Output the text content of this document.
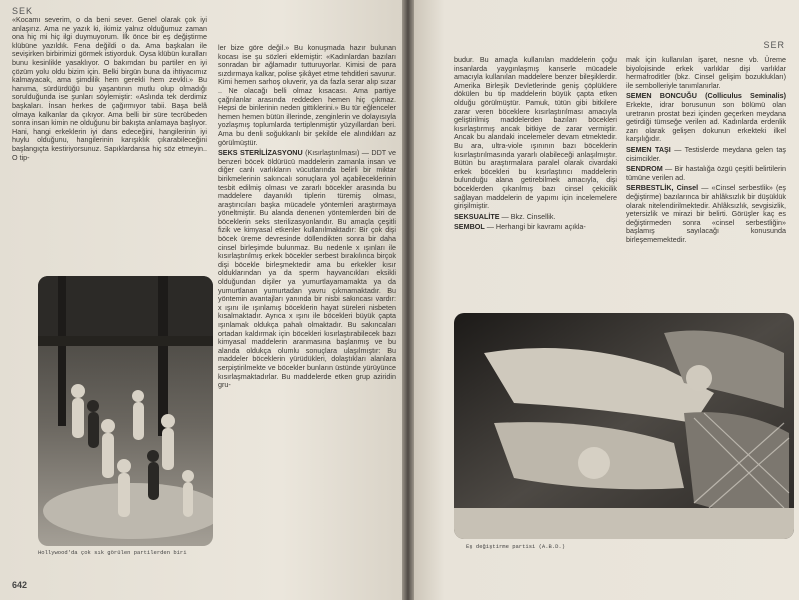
SEK

«Kocamı severim, o da beni sever. Genel olarak çok iyi anlaşırız. Ama ne yazık ki, ikimiz yalnız olduğumuz zaman ona hiç mi hiç ilgi duymuyorum. İlk önce bir eş değiştirme klübüne yazıldık. Fena değildi o da. Ama başkaları ile sevişirken birbirimizi görmek istiyorduk. Oysa klübün kuralları bunu kesinlikle yasaklıyor. O bakımdan bu partiler en iyi çözüm yolu oldu bizim için. Belki birgün buna da ihtiyacımız kalmayacak, ama şimdilik hem gerekli hem zevkli.» Bu hanıma, sürdürdüğü bu yaşantının mutlu olup olmadığı sorulduğunda ise şunları söylemiştir: «Aslında tek derdimiz başkaları. İnsan herkes de çağırmıyor tabii. Başa belâ olmaya kalkanlar da çıkıyor. Ama belli bir süre tecrübeden sonra insan kimin ne olduğunu bir bakışta anlamaya başlıyor. Hani, hangi erkeklerin iyi dans edeceğini, hangilerinin iyi huylu olduğunu, hangilerinin karışıklık çıkarabileceğini başlangıçta kestiriyorsunuz. Sapıklardansa hiç söz etmeyin.. O tip-

Hollywood'da çok sık görülen partilerden biri

ler bize göre değil.» Bu konuşmada hazır bulunan kocası ise şu sözleri eklemiştir: «Kadınlardan bazıları sonradan bir ağlamadır tutturuyorlar. Kimisi de para sızdırmaya kalkar, polise şikâyet etme tehditleri savurur. Kimi hemen sarhoş oluverir, ya da fazla serar alıp sızar .. Ne olacağı belli olmaz kısacası. Ama partiye çağrılanlar arasında reddeden hemen hiç çıkmaz. Hepsi de birilerinin neden gittiklerini.» Bu tür eğlenceler hemen hemen bütün illerinde, zenginlerin ve dolayısıyla yozlaşmış toplumlarda tertiplenmiştir yüzyıllardan beri. Ama bu denli soğukkanlı bir şekilde ele alındıkları az görülmüştür.

SEKS STERİLİZASYONU (Kısırlaştırılması) — DDT ve benzeri böcek öldürücü maddelerin zamanla insan ve diğer canlı varlıkların vücutlarında belirli bir miktar birikmelerinin sakıncalı sonuçlara yol açabileceklerinin tesbit edilmiş olması ve zararlı böcekler arasında bu maddelere dayanıklı tiplerin türemiş olması, araştırıcıları başka mücadele yöntemleri araştırmaya yöneltmiştir. Bu alanda denenen yöntemlerden biri de böceklerin seks sterilizasyonlarıdır. Bu amaçla çeşitli fizik ve kimyasal etkenler kullanılmaktadır: Bir çok dişi böcek üreme devresinde döllendikten sonra bir daha cinsel birleşimde bulunmaz. Bu nedenle x ışınları ile kısırlaştırılmış erkek böcekler serbest bırakılınca birçok dişi böcekle birleşmektedir ama bu erkekler kısır olduklarından ya da sperm hayvancıkları eksikli olduğundan dişiler ya yumurtlayamamakta ya da yumurtlanan yumurtadan yavru çıkmamaktadır. Bu yöntemin avantajları yanında bir nisbi sakıncası vardır: x ışını ile ışınlamış böceklerin hayat süreleri nisbeten kısalmaktadır. Ayrıca x ışını ile böcekleri büyük çapta ışınlamak oldukça pahalı olmaktadır. Bu sakıncaları ortadan kaldırmak için böcekleri kısırlaştırabilecek bazı kimyasal maddelerin aranmasına başlanmış ve bu alanda oldukça olumlu sonuçlara ulaşılmıştır: Bu maddeler böceklerin yürüdükleri, dolaştıkları alanlara serpiştirilmekte ve böcekler bunların üstünde yürüyünce kısırlaşmaktadırlar. Bu maddelerde etken grup aziridin gru-

642
SER

budur. Bu amaçla kullanılan maddelerin çoğu insanlarda yaygınlaşmış kanserle mücadele amacıyla kullanılan maddelere benzer bileşiklerdir. Amerika Birleşik Devletlerinde geniş çöplüklere dökülen bu tip maddelerin büyük çapta etken olduğu görülmüştür. Pamuk, tütün gibi bitkilere zarar veren böceklere kısırlaştırılması amacıyla geliştirilmiş maddelerden bazıları böcekleri kısırlaştırmış ancak bitkiye de zarar vermiştir. Ancak bu alandaki incelemeler devam etmektedir. Bu ara, ultra-viole ışınının bazı böceklerin kısırlaştırılmasında yararlı olabileceği anlaşılmıştır. Bütün bu araştırmalara paralel olarak civardaki erkek böcekleri bu kısırlaştırıcı maddelerin bulunduğu alana getirebilmek amacıyla, dişi böceklerden çıkarılmış bazı cinsel çekicilik sağlayan maddelerin de yapımı için incelemelere girişilmiştir.

SEKSUALİTE — Bkz. Cinsellik.

SEMBOL — Herhangi bir kavramı açıkla-

mak için kullanılan işaret, nesne vb. Üreme biyolojisinde erkek varlıklar dişi varlıklar hermafroditler (bkz. Cinsel gelişim bozuklukları) ile sembolleriyle tanımlanırlar.

SEMEN BONCUĞU (Colliculus Seminalis) Erkekte, idrar borusunun son bölümü olan uretranın prostat bezi içinden geçerken meydana getirdiği tümseğe verilen ad. Kadınlarda erdenlik zarı olarak gelişen dokunun erkekteki ilkel karşılığıdır.

SEMEN TAŞI — Testislerde meydana gelen taş cisimcikler.

SENDROM — Bir hastalığa özgü çeşitli belirtilerin tümüne verilen ad.

SERBESTLİK, Cinsel — «Cinsel serbestlik» (eş değiştirme) bazılarınca bir ahlâksızlık bir düşüklük olarak nitelendirilmektedir. Ahlâksızlık, sevgisizlik, yetersizlik ve mirazi bir belirti. Görüşler kaç es değiştirmeden sonra «cinsel serbestliğin» başlamış sayılacağı konusunda birleşememektedir.

Eş değiştirme partisi (A.B.D.)
